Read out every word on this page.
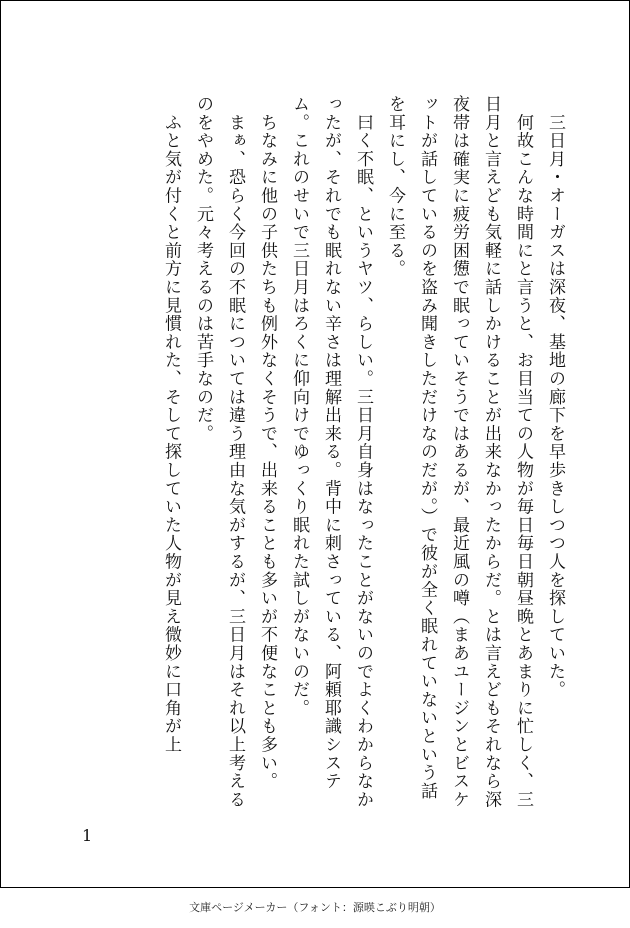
　三日月・オーガスは深夜、基地の廊下を早歩きしつつ人を探していた。

　何故こんな時間にと言うと、お目当ての人物が毎日毎日朝昼晩とあまりに忙しく、三日月と言えども気軽に話しかけることが出来なかったからだ。とは言えどもそれなら深夜帯は確実に疲労困憊で眠っていそうではあるが、最近風の噂（まあユージンとビスケットが話しているのを盗み聞きしただけなのだが。）で彼が全く眠れていないという話を耳にし、今に至る。

　曰く不眠、というヤツ、らしい。三日月自身はなったことがないのでよくわからなかったが、それでも眠れない辛さは理解出来る。背中に刺さっている、阿頼耶識システム。これのせいで三日月はろくに仰向けでゆっくり眠れた試しがないのだ。

　ちなみに他の子供たちも例外なくそうで、出来ることも多いが不便なことも多い。

　まぁ、恐らく今回の不眠については違う理由な気がするが、三日月はそれ以上考えるのをやめた。元々考えるのは苦手なのだ。

　ふと気が付くと前方に見慣れた、そして探していた人物が見え微妙に口角が上

1
文庫ページメーカー（フォント：源暎こぶり明朝）
